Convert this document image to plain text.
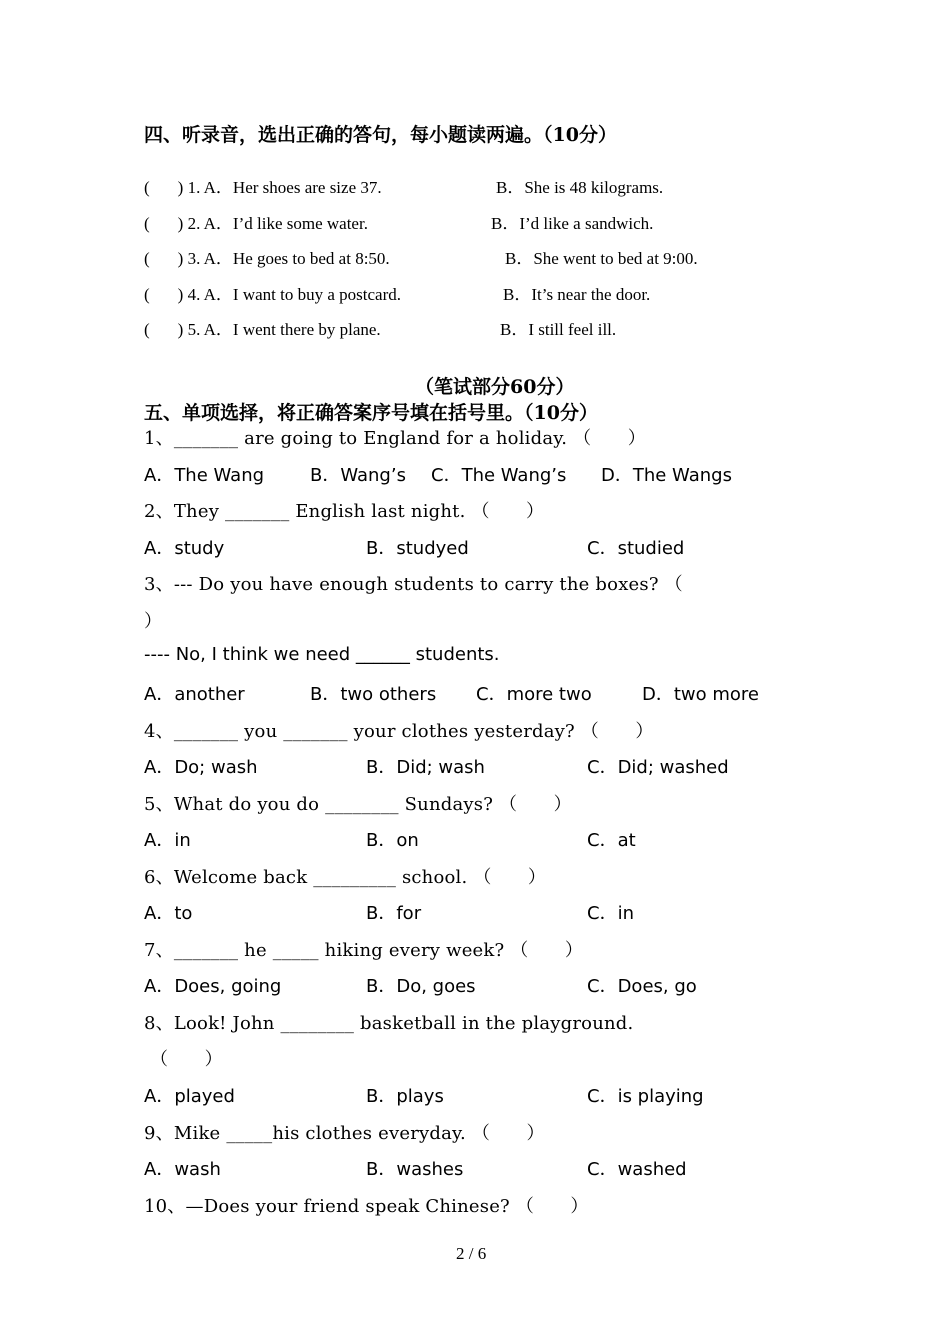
四、听录音，选出正确的答句，每小题读两遍。（10分）
( ) 1. A．Her shoes are size 37.	B．She is 48 kilograms.
( ) 2. A．I’d like some water.	B．I’d like a sandwich.
( ) 3. A．He goes to bed at 8:50.	B．She went to bed at 9:00.
( ) 4. A．I want to buy a postcard.	B．It’s near the door.
( ) 5. A．I went there by plane.	B．I still feel ill.
（笔试部分60分）
五、单项选择，将正确答案序号填在括号里。（10分）
1、_______ are going to England for a holiday. （　　）
A．The Wang	B．Wang’s C．The Wang’s D．The Wangs
2、They _______ English last night. （　　）
A．study	B．studyed	C．studied
3、--- Do you have enough students to carry the boxes? （
）
---- No, I think we need ______ students.
A．another	B．two others C．more two	D．two more
4、_______ you _______ your clothes yesterday? （　　）
A．Do; wash	B．Did; wash	C．Did; washed
5、What do you do ________ Sundays? （　　）
A．in	B．on	C．at
6、Welcome back _________ school. （　　）
A．to	B．for	C．in
7、_______ he _____ hiking every week? （　　）
A．Does, going	B．Do, goes	C．Does, go
8、Look! John ________ basketball in the playground.
（　　）
A．played	B．plays	C．is playing
9、Mike _____his clothes everyday. （　　）
A．wash	B．washes	C．washed
10、—Does your friend speak Chinese? （　　）
2 / 6
